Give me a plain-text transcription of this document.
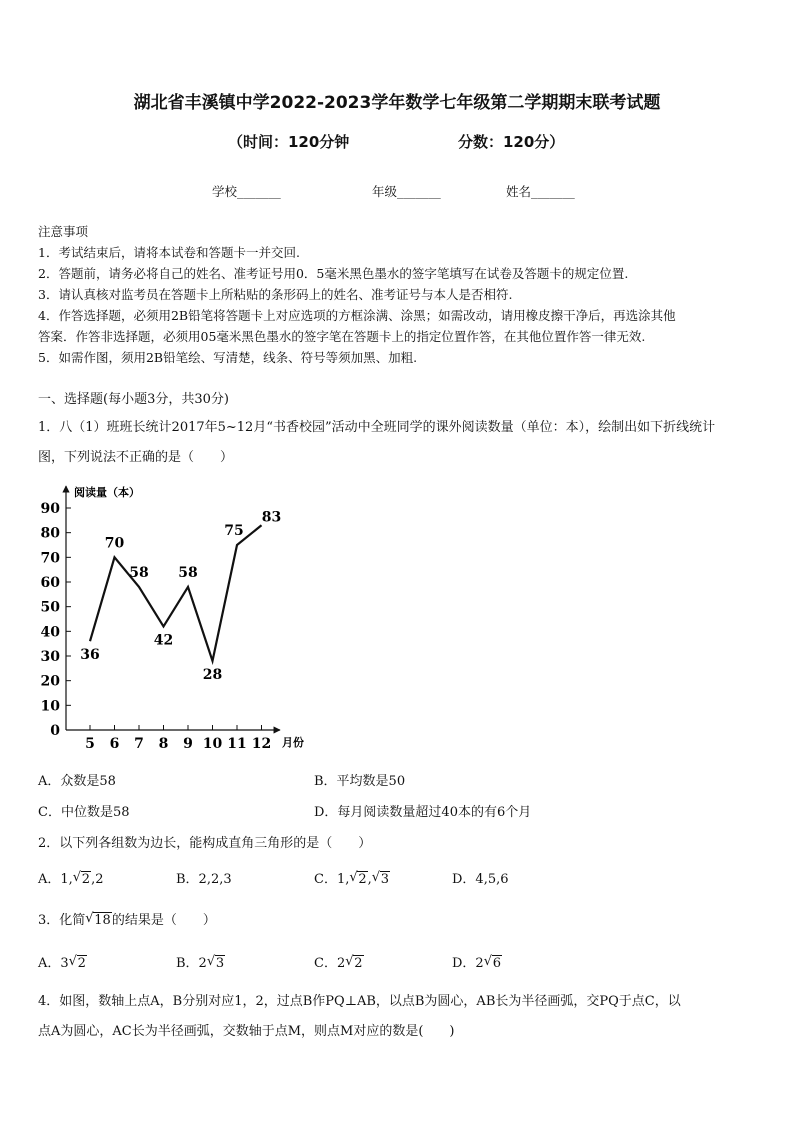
湖北省丰溪镇中学2022-2023学年数学七年级第二学期期末联考试题
（时间：120分钟	分数：120分）
学校_______	年级_______	姓名_______
注意事项
1．考试结束后，请将本试卷和答题卡一并交回.
2．答题前，请务必将自己的姓名、准考证号用0．5毫米黑色墨水的签字笔填写在试卷及答题卡的规定位置.
3．请认真核对监考员在答题卡上所粘贴的条形码上的姓名、准考证号与本人是否相符.
4．作答选择题，必须用2B铅笔将答题卡上对应选项的方框涂满、涂黑；如需改动，请用橡皮擦干净后，再选涂其他
答案．作答非选择题，必须用05毫米黑色墨水的签字笔在答题卡上的指定位置作答，在其他位置作答一律无效.
5．如需作图，须用2B铅笔绘、写清楚，线条、符号等须加黑、加粗.
一、选择题(每小题3分，共30分)
1．八（1）班班长统计2017年5~12月“书香校园”活动中全班同学的课外阅读数量（单位：本），绘制出如下折线统计
图，下列说法不正确的是（　　）
阅读量（本）
月份
0
10
20
30
40
50
60
70
80
90
5 6 7 8 9 10 11 12
36
70
58
42
58
28
75
83
A．众数是58	B．平均数是50
C．中位数是58	D．每月阅读数量超过40本的有6个月
2．以下列各组数为边长，能构成直角三角形的是（　　）
A．1, √ 2,2	B．2,2,3	C．1, √ 2, √ 3	D．4,5,6
3．化简 √ 18的结果是（　　）
A．3 √ 2	B．2 √ 3	C．2 √ 2	D．2 √ 6
4．如图，数轴上点A，B分别对应1，2，过点B作PQ⊥AB，以点B为圆心，AB长为半径画弧，交PQ于点C，以
点A为圆心，AC长为半径画弧，交数轴于点M，则点M对应的数是(　　)
